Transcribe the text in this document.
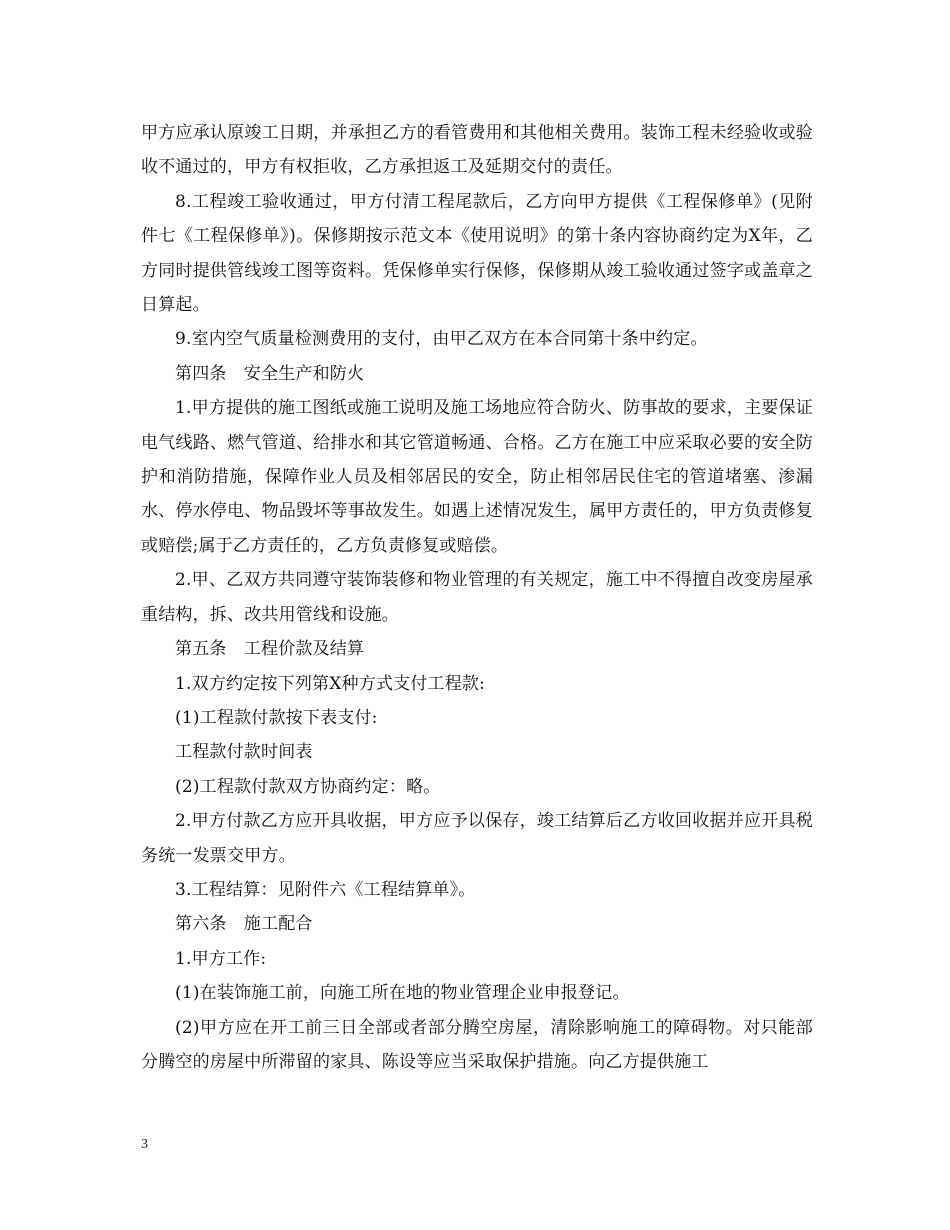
甲方应承认原竣工日期，并承担乙方的看管费用和其他相关费用。装饰工程未经验收或验收不通过的，甲方有权拒收，乙方承担返工及延期交付的责任。

8.工程竣工验收通过，甲方付清工程尾款后，乙方向甲方提供《工程保修单》(见附件七《工程保修单》)。保修期按示范文本《使用说明》的第十条内容协商约定为X年，乙方同时提供管线竣工图等资料。凭保修单实行保修，保修期从竣工验收通过签字或盖章之日算起。

9.室内空气质量检测费用的支付，由甲乙双方在本合同第十条中约定。

第四条　安全生产和防火

1.甲方提供的施工图纸或施工说明及施工场地应符合防火、防事故的要求，主要保证电气线路、燃气管道、给排水和其它管道畅通、合格。乙方在施工中应采取必要的安全防护和消防措施，保障作业人员及相邻居民的安全，防止相邻居民住宅的管道堵塞、渗漏水、停水停电、物品毁坏等事故发生。如遇上述情况发生，属甲方责任的，甲方负责修复或赔偿;属于乙方责任的，乙方负责修复或赔偿。

2.甲、乙双方共同遵守装饰装修和物业管理的有关规定，施工中不得擅自改变房屋承重结构，拆、改共用管线和设施。

第五条　工程价款及结算

1.双方约定按下列第X种方式支付工程款:

(1)工程款付款按下表支付:

工程款付款时间表

(2)工程款付款双方协商约定：略。

2.甲方付款乙方应开具收据，甲方应予以保存，竣工结算后乙方收回收据并应开具税务统一发票交甲方。

3.工程结算：见附件六《工程结算单》。

第六条　施工配合

1.甲方工作:

(1)在装饰施工前，向施工所在地的物业管理企业申报登记。

(2)甲方应在开工前三日全部或者部分腾空房屋，清除影响施工的障碍物。对只能部分腾空的房屋中所滞留的家具、陈设等应当采取保护措施。向乙方提供施工

3
